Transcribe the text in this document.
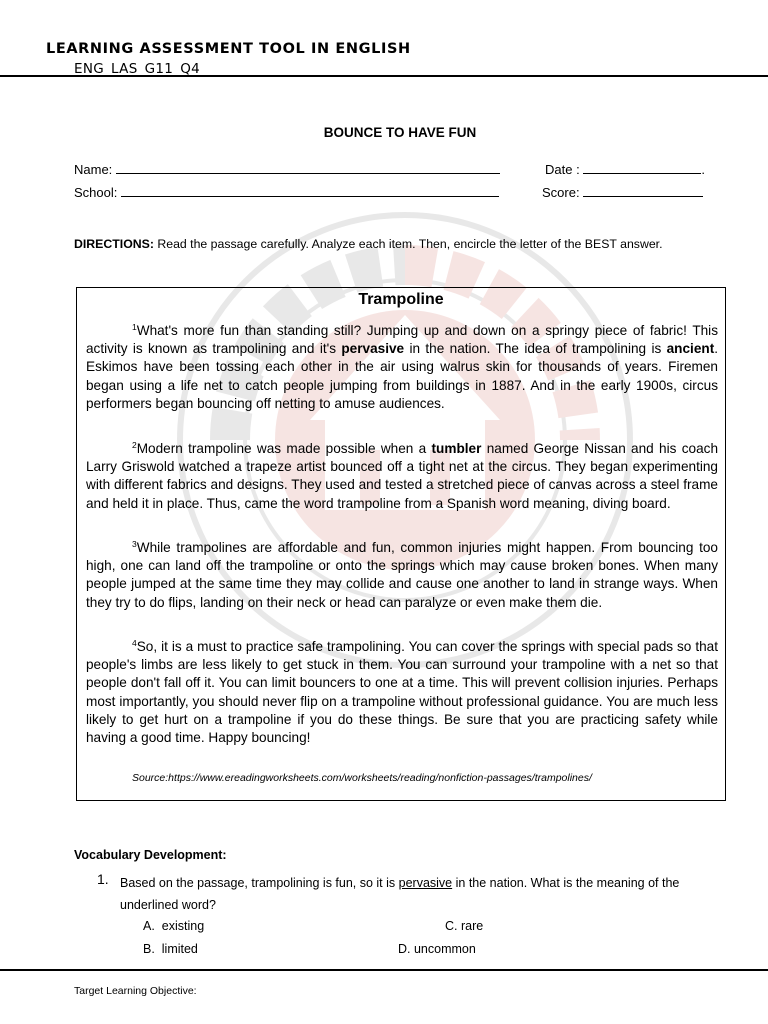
LEARNING ASSESSMENT TOOL IN ENGLISH
ENG_LAS_G11_Q4
BOUNCE TO HAVE FUN
Name:	Date :	.
School:	Score:
DIRECTIONS: Read the passage carefully. Analyze each item. Then, encircle the letter of the BEST answer.
Trampoline
$^1$What's more fun than standing still? Jumping up and down on a springy piece of fabric! This activity is known as trampolining and it's pervasive in the nation. The idea of trampolining is ancient. Eskimos have been tossing each other in the air using walrus skin for thousands of years. Firemen began using a life net to catch people jumping from buildings in 1887. And in the early 1900s, circus performers began bouncing off netting to amuse audiences.
$^2$Modern trampoline was made possible when a tumbler named George Nissan and his coach Larry Griswold watched a trapeze artist bounced off a tight net at the circus. They began experimenting with different fabrics and designs. They used and tested a stretched piece of canvas across a steel frame and held it in place. Thus, came the word trampoline from a Spanish word meaning, diving board.
$^3$While trampolines are affordable and fun, common injuries might happen. From bouncing too high, one can land off the trampoline or onto the springs which may cause broken bones. When many people jumped at the same time they may collide and cause one another to land in strange ways. When they try to do flips, landing on their neck or head can paralyze or even make them die.
$^4$So, it is a must to practice safe trampolining. You can cover the springs with special pads so that people's limbs are less likely to get stuck in them. You can surround your trampoline with a net so that people don't fall off it. You can limit bouncers to one at a time. This will prevent collision injuries. Perhaps most importantly, you should never flip on a trampoline without professional guidance. You are much less likely to get hurt on a trampoline if you do these things. Be sure that you are practicing safety while having a good time. Happy bouncing!
Source:https://www.ereadingworksheets.com/worksheets/reading/nonfiction-passages/trampolines/
Vocabulary Development:
1. Based on the passage, trampolining is fun, so it is pervasive in the nation. What is the meaning of the underlined word?
A. existing
B. limited
C. rare
D. uncommon
Target Learning Objective:
